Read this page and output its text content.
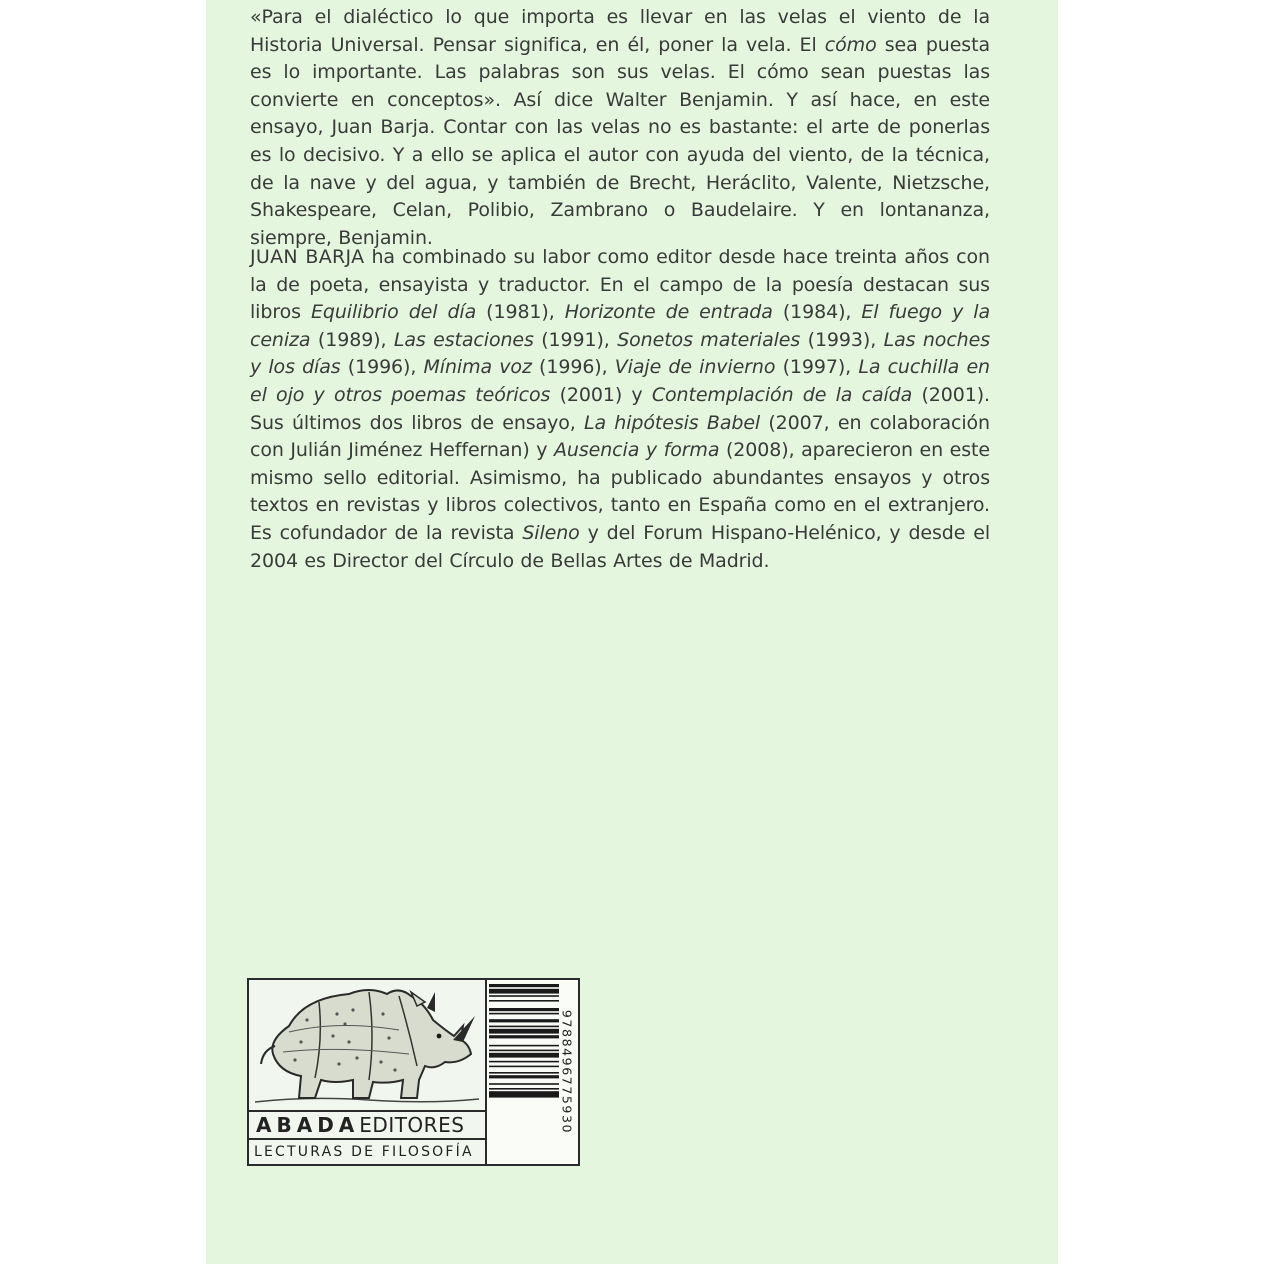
«Para el dialéctico lo que importa es llevar en las velas el viento de la Historia Universal. Pensar significa, en él, poner la vela. El cómo sea puesta es lo importante. Las palabras son sus velas. El cómo sean puestas las convierte en conceptos». Así dice Walter Benjamin. Y así hace, en este ensayo, Juan Barja. Contar con las velas no es bastante: el arte de ponerlas es lo decisivo. Y a ello se aplica el autor con ayuda del viento, de la técnica, de la nave y del agua, y también de Brecht, Heráclito, Valente, Nietzsche, Shakespeare, Celan, Polibio, Zambrano o Baudelaire. Y en lontananza, siempre, Benjamin.

JUAN BARJA ha combinado su labor como editor desde hace treinta años con la de poeta, ensayista y traductor. En el campo de la poesía destacan sus libros Equilibrio del día (1981), Horizonte de entrada (1984), El fuego y la ceniza (1989), Las estaciones (1991), Sonetos materiales (1993), Las noches y los días (1996), Mínima voz (1996), Viaje de invierno (1997), La cuchilla en el ojo y otros poemas teóricos (2001) y Contemplación de la caída (2001). Sus últimos dos libros de ensayo, La hipótesis Babel (2007, en colaboración con Julián Jiménez Heffernan) y Ausencia y forma (2008), aparecieron en este mismo sello editorial. Asimismo, ha publicado abundantes ensayos y otros textos en revistas y libros colectivos, tanto en España como en el extranjero. Es cofundador de la revista Sileno y del Forum Hispano-Helénico, y desde el 2004 es Director del Círculo de Bellas Artes de Madrid.

ABADAEDITORES
LECTURAS DE FILOSOFÍA
9788496775930
